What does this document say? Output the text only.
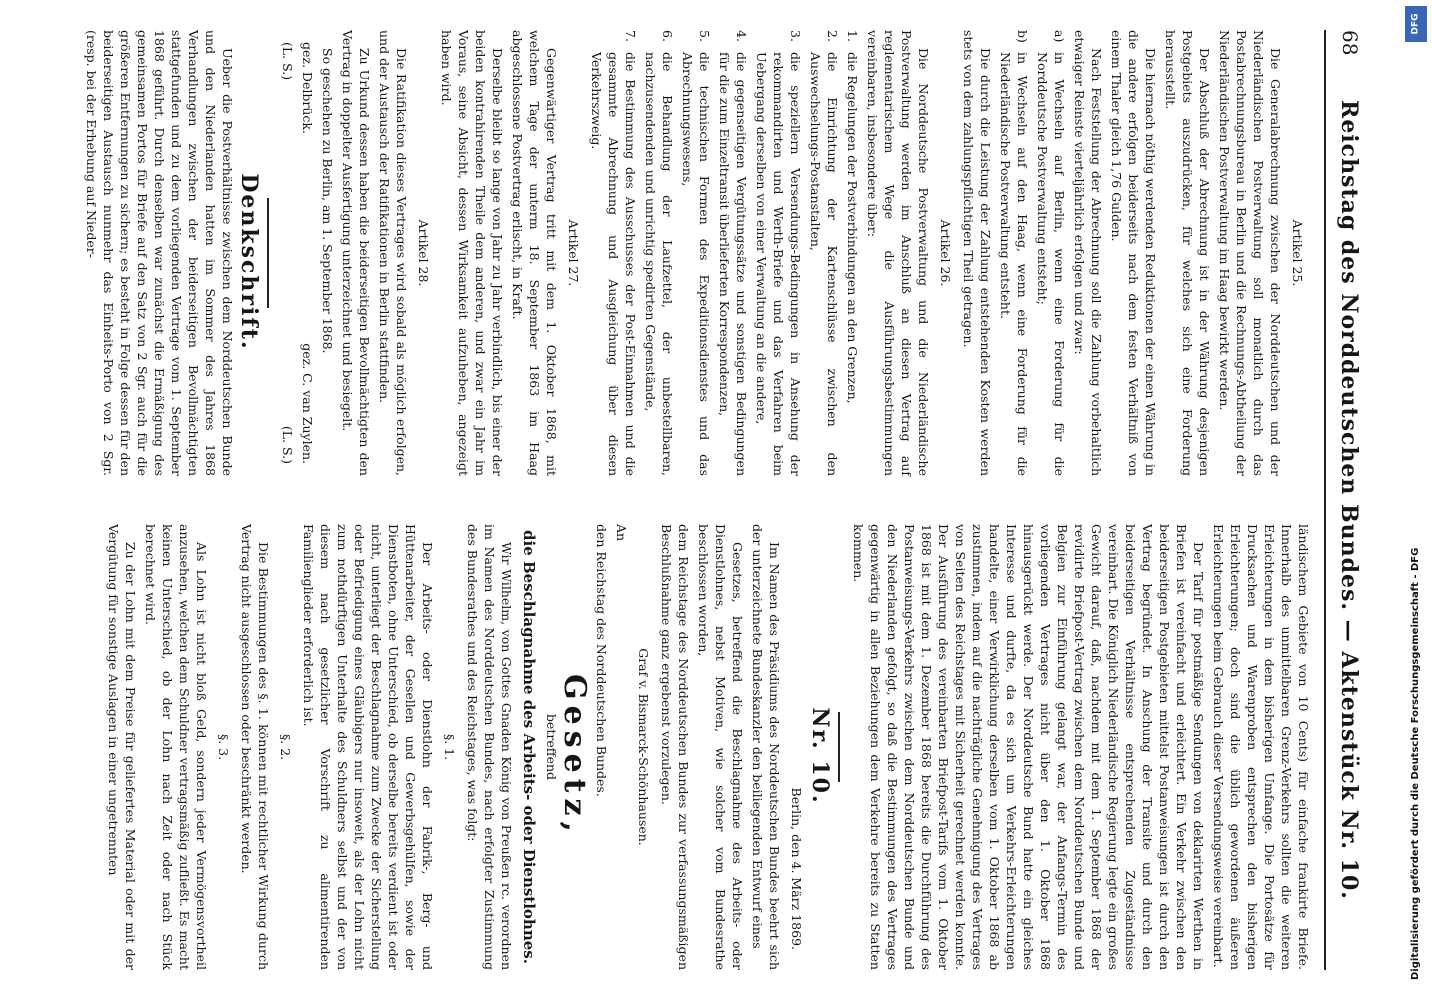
DFG
Digitalisierung gefördert durch die Deutsche Forschungsgemeinschaft - DFG
68
Reichstag des Norddeutschen Bundes. — Aktenstück Nr. 10.

Artikel 25.

Die Generalabrechnung zwischen der Norddeutschen und der Niederländischen Postverwaltung soll monatlich durch das Postabrechnungsbureau in Berlin und die Rechnungs-Abtheilung der Niederländischen Postverwaltung im Haag bewirkt werden.

Der Abschluß der Abrechnung ist in der Währung desjenigen Postgebiets auszudrücken, für welches sich eine Forderung herausstellt.

Die hiernach nöthig werdenden Reduktionen der einen Währung in die andere erfolgen beiderseits nach dem festen Verhältniß von einem Thaler gleich 1,76 Gulden.

Nach Feststellung der Abrechnung soll die Zahlung vorbehaltlich etwaiger Reinste vierteljährlich erfolgen und zwar:

a)
in Wechseln auf Berlin, wenn eine Forderung für die Norddeutsche Postverwaltung entsteht;

b)
in Wechseln auf den Haag, wenn eine Forderung für die Niederländische Postverwaltung entsteht.

Die durch die Leistung der Zahlung entstehenden Kosten werden stets von dem zahlungspflichtigen Theil getragen.

Artikel 26.

Die Norddeutsche Postverwaltung und die Niederländische Postverwaltung werden im Anschluß an diesen Vertrag auf reglementarischem Wege die Ausführungsbestimmungen vereinbaren, insbesondere über:

1.
die Regelungen der Postverbindungen an den Grenzen,

2.
die Einrichtung der Kartenschlüsse zwischen den Auswechselungs-Postanstalten,

3.
die speziellern Versendungs-Bedingungen in Ansehung der rekommandirten und Werth-Briefe und das Verfahren beim Uebergang derselben von einer Verwaltung an die andere,

4.
die gegenseitigen Vergütungssätze und sonstigen Bedingungen für die zum Einzeltransit überlieferten Korrespondenzen,

5.
die technischen Formen des Expeditionsdienstes und das Abrechnungswesens,

6.
die Behandlung der Laufzettel, der unbestellbaren, nachzusendenden und unrichtig spedirten Gegenstände,

7.
die Bestimmung des Ausschusses der Post-Einnahmen und die gesammte Abrechnung und Ausgleichung über diesen Verkehrszweig.

Artikel 27.

Gegenwärtiger Vertrag tritt mit dem 1. Oktober 1868, mit welchem Tage der unterm 18. September 1863 im Haag abgeschlossene Postvertrag erlischt, in Kraft.

Derselbe bleibt so lange von Jahr zu Jahr verbindlich, bis einer der beiden kontrahirenden Theile dem anderen, und zwar ein Jahr im Voraus, seine Absicht, dessen Wirksamkeit aufzuheben, angezeigt haben wird.

Artikel 28.

Die Ratifikation dieses Vertrages wird sobald als möglich erfolgen, und der Austausch der Ratifikationen in Berlin stattfinden.

Zu Urkund dessen haben die beiderseitigen Bevollmächtigten den Vertrag in doppelter Ausfertigung unterzeichnet und besiegelt.

So geschehen zu Berlin, am 1. September 1868.

gez. Delbrück.
gez. C. van Zuylen.

(L. S.)
(L. S.)

Denkschrift.

Ueber die Postverhältnisse zwischen dem Norddeutschen Bunde und den Niederlanden hatten im Sommer des Jahres 1868 Verhandlungen zwischen der beiderseitigen Bevollmächtigten stattgefunden und zu dem vorliegenden Vertrage vom 1. September 1868 geführt. Durch denselben war zunächst die Ermäßigung des gemeinsamen Portos für Briefe auf den Satz von 2 Sgr. auch für die größeren Entfernungen zu sichern; es besteht in Folge dessen für den beiderseitigen Austausch nunmehr das Einheits-Porto von 2 Sgr. (resp. bei der Erhebung auf Nieder-

ländischem Gebiete von 10 Cents) für einfache frankirte Briefe. Innerhalb des unmittelbaren Grenz-Verkehrs sollten die weiteren Erleichterungen in dem bisherigen Umfange. Die Portosätze für Drucksachen und Warenproben entsprechen den bisherigen Erleichterungen; doch sind die üblich gewordenen äußeren Erleichterungen beim Gebrauch dieser Versendungsweise vereinbart.

Der Tarif für postmäßige Sendungen von deklarirten Werthen in Briefen ist vereinfacht und erleichtert. Ein Verkehr zwischen den beiderseitigen Postgebieten mittelst Postanweisungen ist durch den Vertrag begründet. In Anschung der Transite und durch den beiderseitigen Verhältnisse entsprechenden Zugeständnisse vereinbart. Die Königlich Niederländische Regierung legte ein großes Gewicht darauf, daß, nachdem mit dem 1. September 1868 der revidirte Briefpost-Vertrag zwischen dem Norddeutschen Bunde und Belgien zur Einführung gelangt war, der Anfangs-Termin des vorliegenden Vertrages nicht über den 1. Oktober 1868 hinausgerückt werde. Der Norddeutsche Bund hatte ein gleiches Interesse und durfte, da es sich um Verkehrs-Erleichterungen handelte, einer Verwirklichung derselben vom 1. Oktober 1868 ab zustimmen, indem auf die nachträgliche Genehmigung des Vertrages von Seiten des Reichstages mit Sicherheit gerechnet werden konnte. Der Ausführung des vereinbarten Briefpost-Tarifs vom 1. Oktober 1868 ist mit dem 1. Dezember 1868 bereits die Durchführung des Postanweisungs-Verkehrs zwischen dem Norddeutschen Bunde und den Niederlanden gefolgt, so daß die Bestimmungen des Vertrages gegenwärtig in allen Beziehungen dem Verkehre bereits zu Statten kommen.

Nr. 10.

Berlin, den 4. März 1869.

Im Namen des Präsidiums des Norddeutschen Bundes beehrt sich der unterzeichnete Bundeskanzler den beiliegenden Entwurf eines

Gesetzes, betreffend die Beschlagnahme des Arbeits- oder Dienstlohnes, nebst Motiven, wie solcher vom Bundesrathe beschlossen worden,

dem Reichstage des Norddeutschen Bundes zur verfassungsmäßigen Beschlußnahme ganz ergebenst vorzulegen.

Graf v. Bismarck-Schönhausen.

An

den Reichstag des Norddeutschen Bundes.

Gesetz,

betreffend

die Beschlagnahme des Arbeits- oder Dienstlohnes.

Wir Wilhelm, von Gottes Gnaden König von Preußen rc. verordnen im Namen des Norddeutschen Bundes, nach erfolgter Zustimmung des Bundesrathes und des Reichstages, was folgt:

§. 1.

Der Arbeits- oder Dienstlohn der Fabrik-, Berg- und Hüttenarbeiter, der Gesellen und Gewerbsgehülfen, sowie der Dienstboten, ohne Unterschied, ob derselbe bereits verdient ist oder nicht, unterliegt der Beschlagnahme zum Zwecke der Sicherstellung oder Befriedigung eines Gläubigers nur insoweit, als der Lohn nicht zum nothdürftigen Unterhalte des Schuldners selbst und der von diesem nach gesetzlicher Vorschrift zu alimentirenden Familienglieder erforderlich ist.

§. 2.

Die Bestimmungen des §. 1. können mit rechtlicher Wirkung durch Vertrag nicht ausgeschlossen oder beschränkt werden.

§. 3.

Als Lohn ist nicht bloß Geld, sondern jeder Vermögensvortheil anzusehen, welchen dem Schuldner vertragsmäßig zufließt. Es macht keinen Unterschied, ob der Lohn nach Zeit oder nach Stück berechnet wird.

Zu der Lohn mit dem Preise für geliefertes Material oder mit der Vergütung für sonstige Auslagen in einer ungetrennten
